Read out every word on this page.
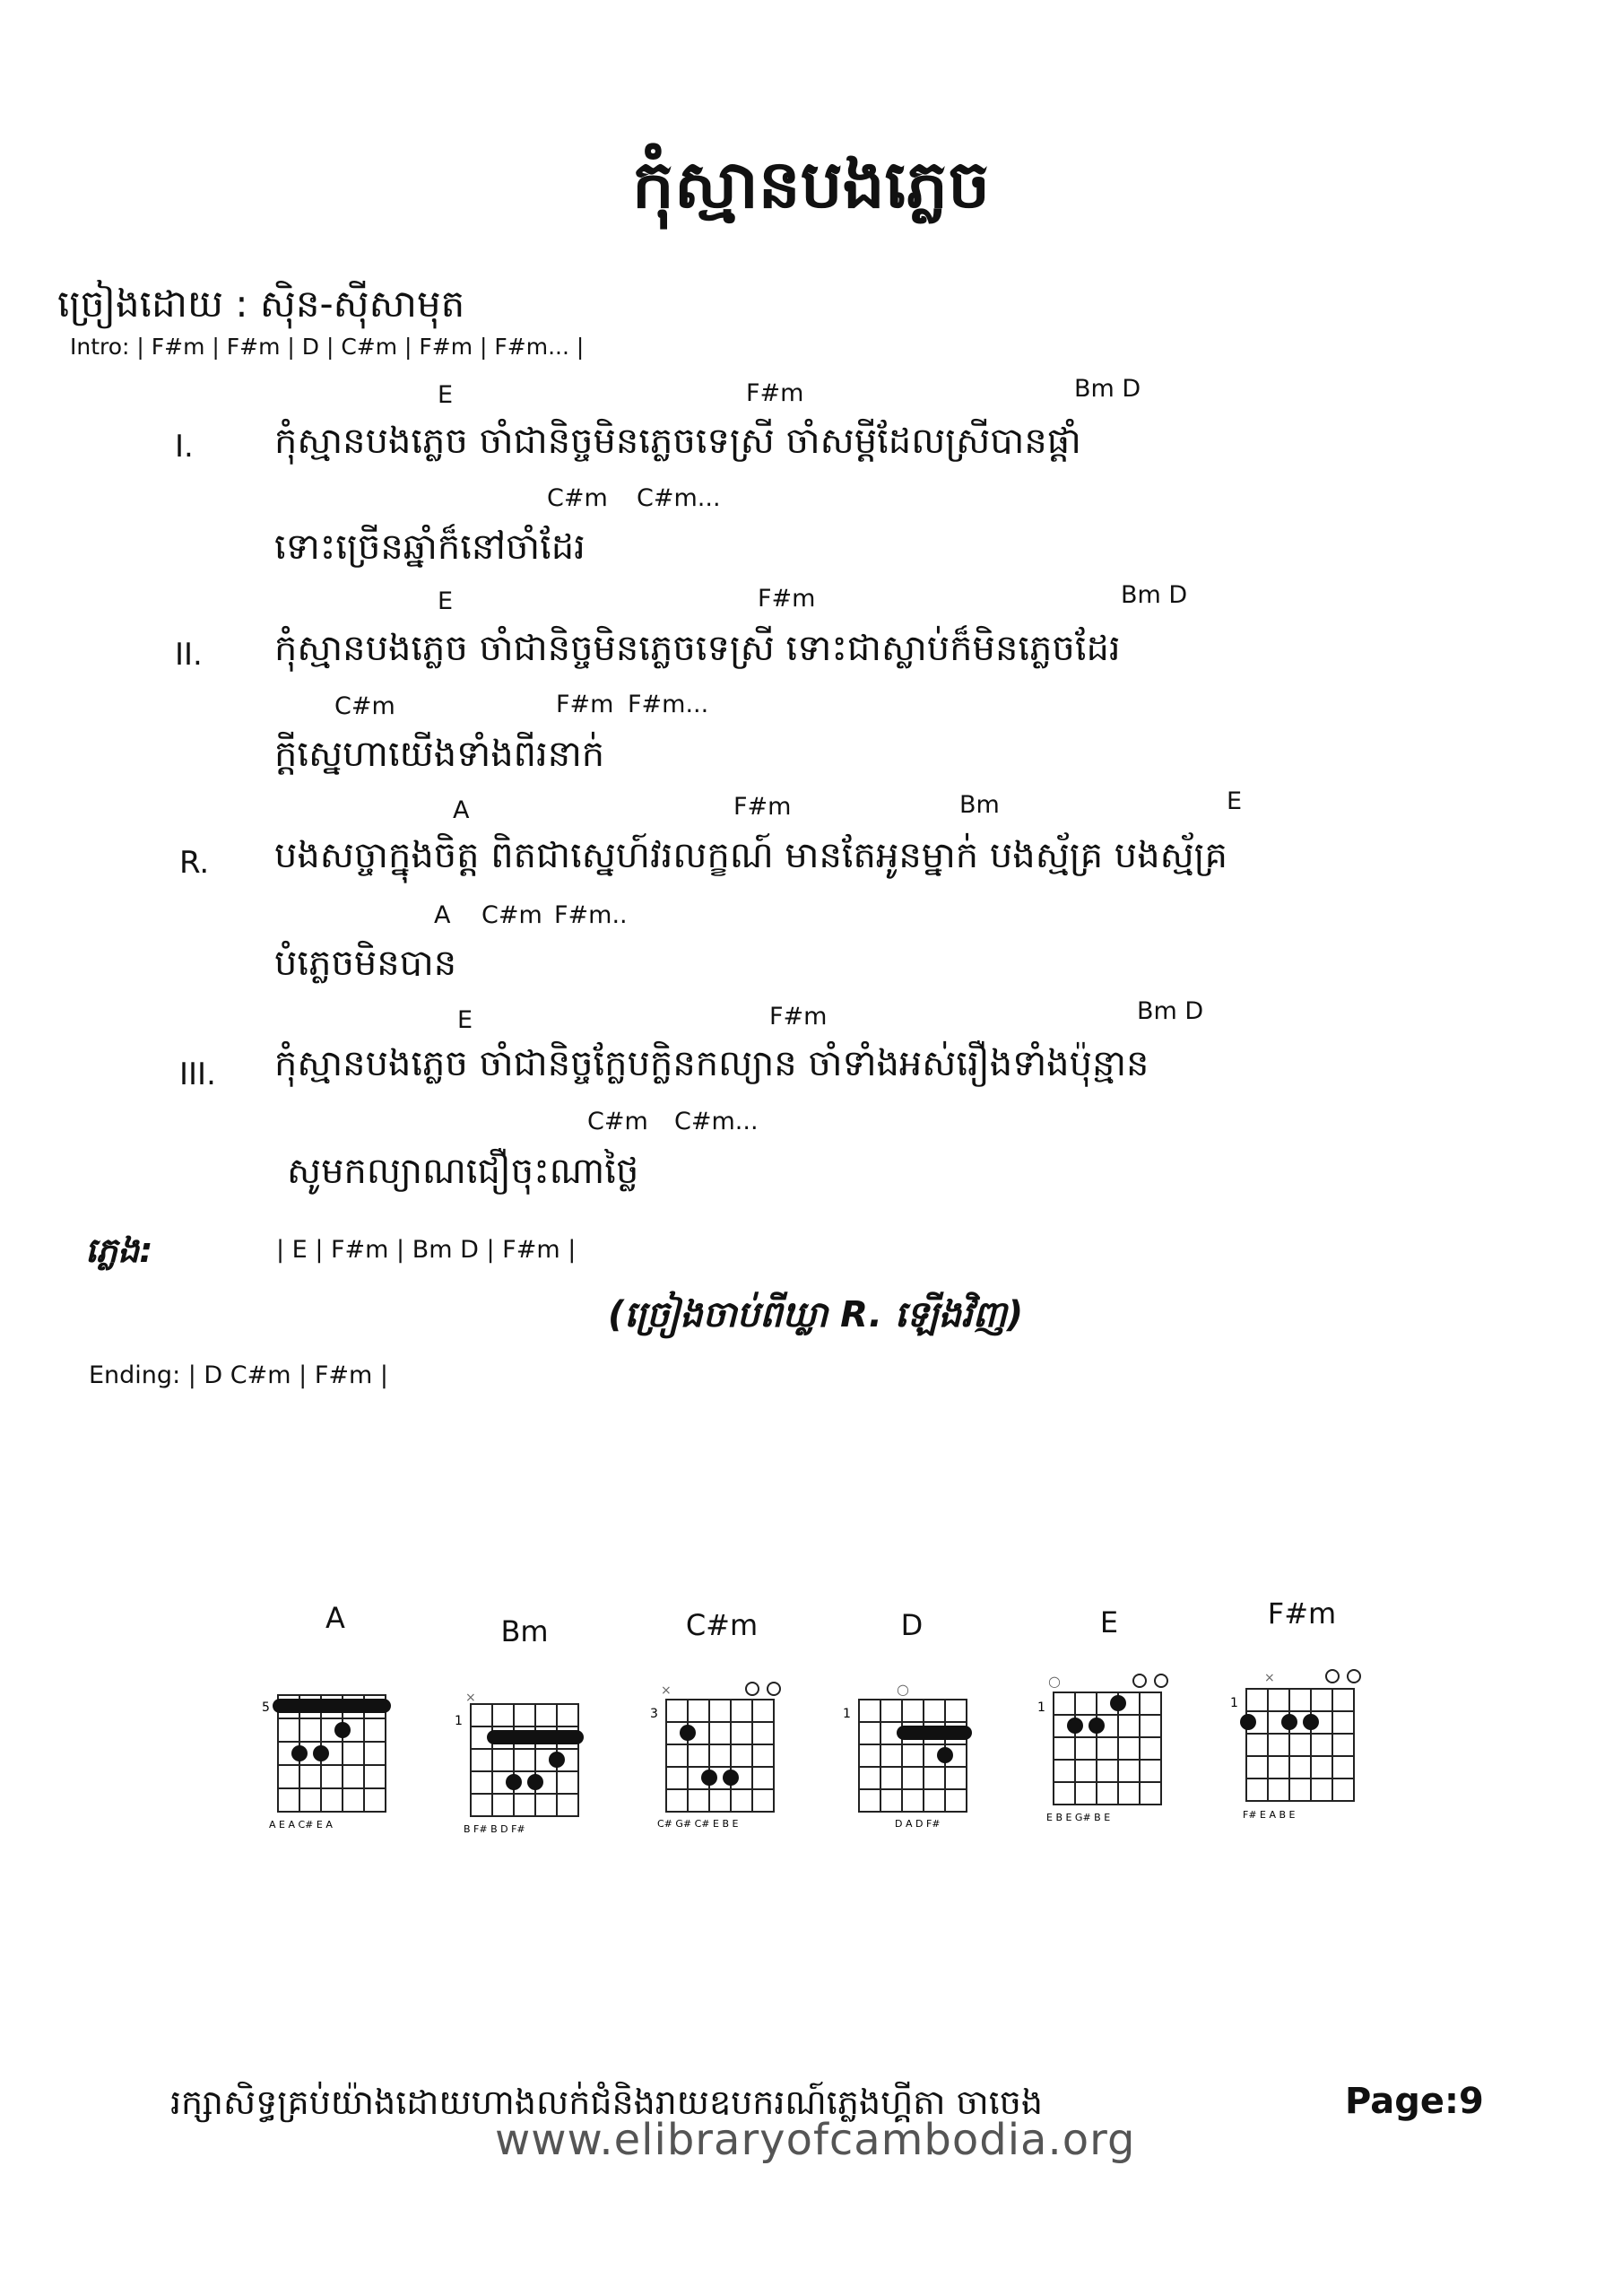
កុំស្មានបងភ្លេច
ច្រៀងដោយ : ស៊ិន-ស៊ីសាមុត
Intro: | F#m | F#m | D | C#m | F#m | F#m... |
I.
E	F#m	Bm D
កុំស្មានបងភ្លេច ចាំជានិច្ចមិនភ្លេចទេស្រី ចាំសម្តីដែលស្រីបានផ្តាំ
C#m C#m...
ទោះច្រើនឆ្នាំក៏នៅចាំដែរ
II.
E	F#m	Bm D
កុំស្មានបងភ្លេច ចាំជានិច្ចមិនភ្លេចទេស្រី ទោះជាស្លាប់ក៏មិនភ្លេចដែរ
C#m	F#m F#m...
ក្តីស្នេហាយើងទាំងពីរនាក់
R.
A	F#m	Bm	E
បងសច្ចាក្នុងចិត្ត ពិតជាស្នេហ៍វរលក្ខណ៍ មានតែអូនម្នាក់ បងស្ម័គ្រ បងស្ម័គ្រ
A C#m F#m..
បំភ្លេចមិនបាន
III.
E	F#m	Bm D
កុំស្មានបងភ្លេច ចាំជានិច្ចក្លែបក្លិនកល្យាន ចាំទាំងអស់រឿងទាំងប៉ុន្មាន
C#m C#m...
សូមកល្យាណជឿចុះណាថ្លៃ
ភ្លេង:	| E | F#m | Bm D | F#m |
(ច្រៀងចាប់ពីឃ្លា R. ឡើងវិញ)
Ending: | D C#m | F#m |
A	Bm	C#m	D	E	F#m
5
A E A C# E A
×
1
B F# B D F#
×
3
C# G# C# E B E
○
1
D A D F#
○
1
E B E G# B E
×
1
F# E A B E
រក្សាសិទ្ធគ្រប់យ៉ាងដោយហាងលក់ជំនិងរាយឧបករណ៍ភ្លេងហ្គីតា ចាចេង
www.elibraryofcambodia.org
Page:9
